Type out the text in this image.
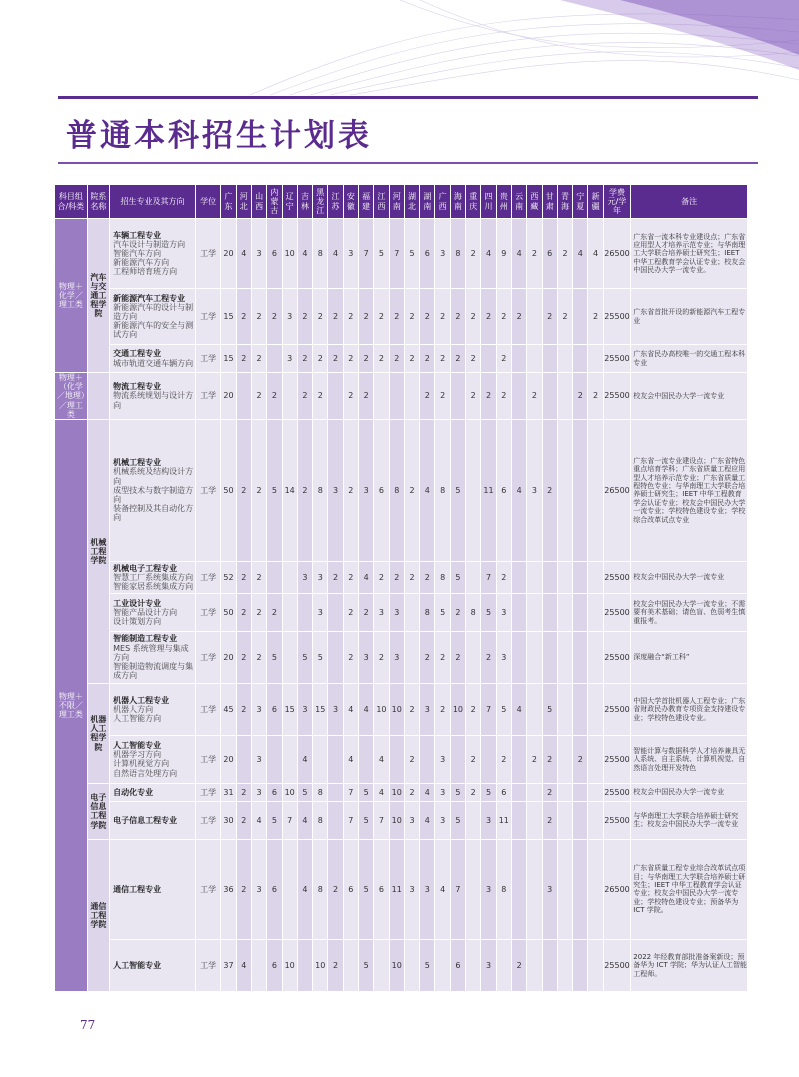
普通本科招生计划表
科目组合/科类	院系名称	招生专业及其方向	学位	广东	河北	山西	内蒙古	辽宁	吉林	黑龙江	江苏	安徽	福建	江西	河南	湖北	湖南	广西	海南	重庆	四川	贵州	云南	西藏	甘肃	青海	宁夏	新疆	学费元/学年	备注
物理＋化学／理工类	汽车与交通工程学院	车辆工程专业
汽车设计与制造方向
智能汽车方向
新能源汽车方向
工程师培育班方向	工学	20	4	3	6	10	4	8	4	3	7	5	7	5	6	3	8	2	4	9	4	2	6	2	4	4	26500	广东省一流本科专业建设点；广东省应用型人才培养示范专业；与华南理工大学联合培养硕士研究生；IEET 中华工程教育学会认证专业；校友会中国民办大学一流专业。

		新能源汽车工程专业
新能源汽车的设计与制造方向
新能源汽车的安全与测试方向	工学	15	2	2	2	3	2	2	2	2	2	2	2	2	2	2	2	2	2	2	2		2	2		2	25500	广东省首批开设的新能源汽车工程专业

		交通工程专业
城市轨道交通车辆方向	工学	15	2	2		3	2	2	2	2	2	2	2	2	2	2	2	2		2							25500	广东省民办高校唯一的交通工程本科专业
物理＋（化学／地理）／理工类		物流工程专业
物流系统规划与设计方向	工学	20		2	2		2	2		2	2				2	2		2	2	2		2			2	2	25500	校友会中国民办大学一流专业
物理＋不限／理工类	机械工程学院	机械工程专业
机械系统及结构设计方向
成型技术与数字制造方向
装备控制及其自动化方向	工学	50	2	2	5	14	2	8	3	2	3	6	8	2	4	8	5		11	6	4	3	2				26500	广东省一流专业建设点；广东省特色重点培育学科；广东省质量工程应用型人才培养示范专业；广东省质量工程特色专业；与华南理工大学联合培养硕士研究生；IEET 中华工程教育学会认证专业；校友会中国民办大学一流专业；学校特色建设专业；学校综合改革试点专业

		机械电子工程专业
智慧工厂系统集成方向
智能家居系统集成方向	工学	52	2	2			3	3	2	2	4	2	2	2	2	8	5		7	2							25500	校友会中国民办大学一流专业

		工业设计专业
智能产品设计方向
设计策划方向	工学	50	2	2	2			3		2	2	3	3		8	5	2	8	5	3							25500	校友会中国民办大学一流专业；不需要有美术基础；请色盲、色弱考生慎重报考。

		智能制造工程专业
MES 系统管理与集成方向
智能制造物流调度与集成方向	工学	20	2	2	5		5	5		2	3	2	3		2	2	2		2	3							25500	深度融合“新工科”
	机器人工程学院	机器人工程专业
机器人方向
人工智能方向	工学	45	2	3	6	15	3	15	3	4	4	10	10	2	3	2	10	2	7	5	4		5				25500	中国大学首批机器人工程专业；广东省财政民办教育专项资金支持建设专业；学校特色建设专业。

		人工智能专业
机器学习方向
计算机视觉方向
自然语言处理方向	工学	20		3			4			4		4		2		3		2		2		2	2		2		25500	智能计算与数据科学人才培养兼具无人系统、自主系统、计算机视觉、自然语言处理开发特色
	电子信息工程学院	自动化专业	工学	31	2	3	6	10	5	8		7	5	4	10	2	4	3	5	2	5	6			2				25500	校友会中国民办大学一流专业

		电子信息工程专业	工学	30	2	4	5	7	4	8		7	5	7	10	3	4	3	5		3	11			2				25500	与华南理工大学联合培养硕士研究生；校友会中国民办大学一流专业
	通信工程学院	通信工程专业	工学	36	2	3	6		4	8	2	6	5	6	11	3	3	4	7		3	8			3				26500	广东省质量工程专业综合改革试点项目；与华南理工大学联合培养硕士研究生；IEET 中华工程教育学会认证专业；校友会中国民办大学一流专业；学校特色建设专业；预备华为 ICT 学院。

		人工智能专业	工学	37	4		6	10		10	2		5		10		5		6		3		2						25500	2022 年经教育部批准备案新设；预备华为 ICT 学院；华为认证人工智能工程师。
77
